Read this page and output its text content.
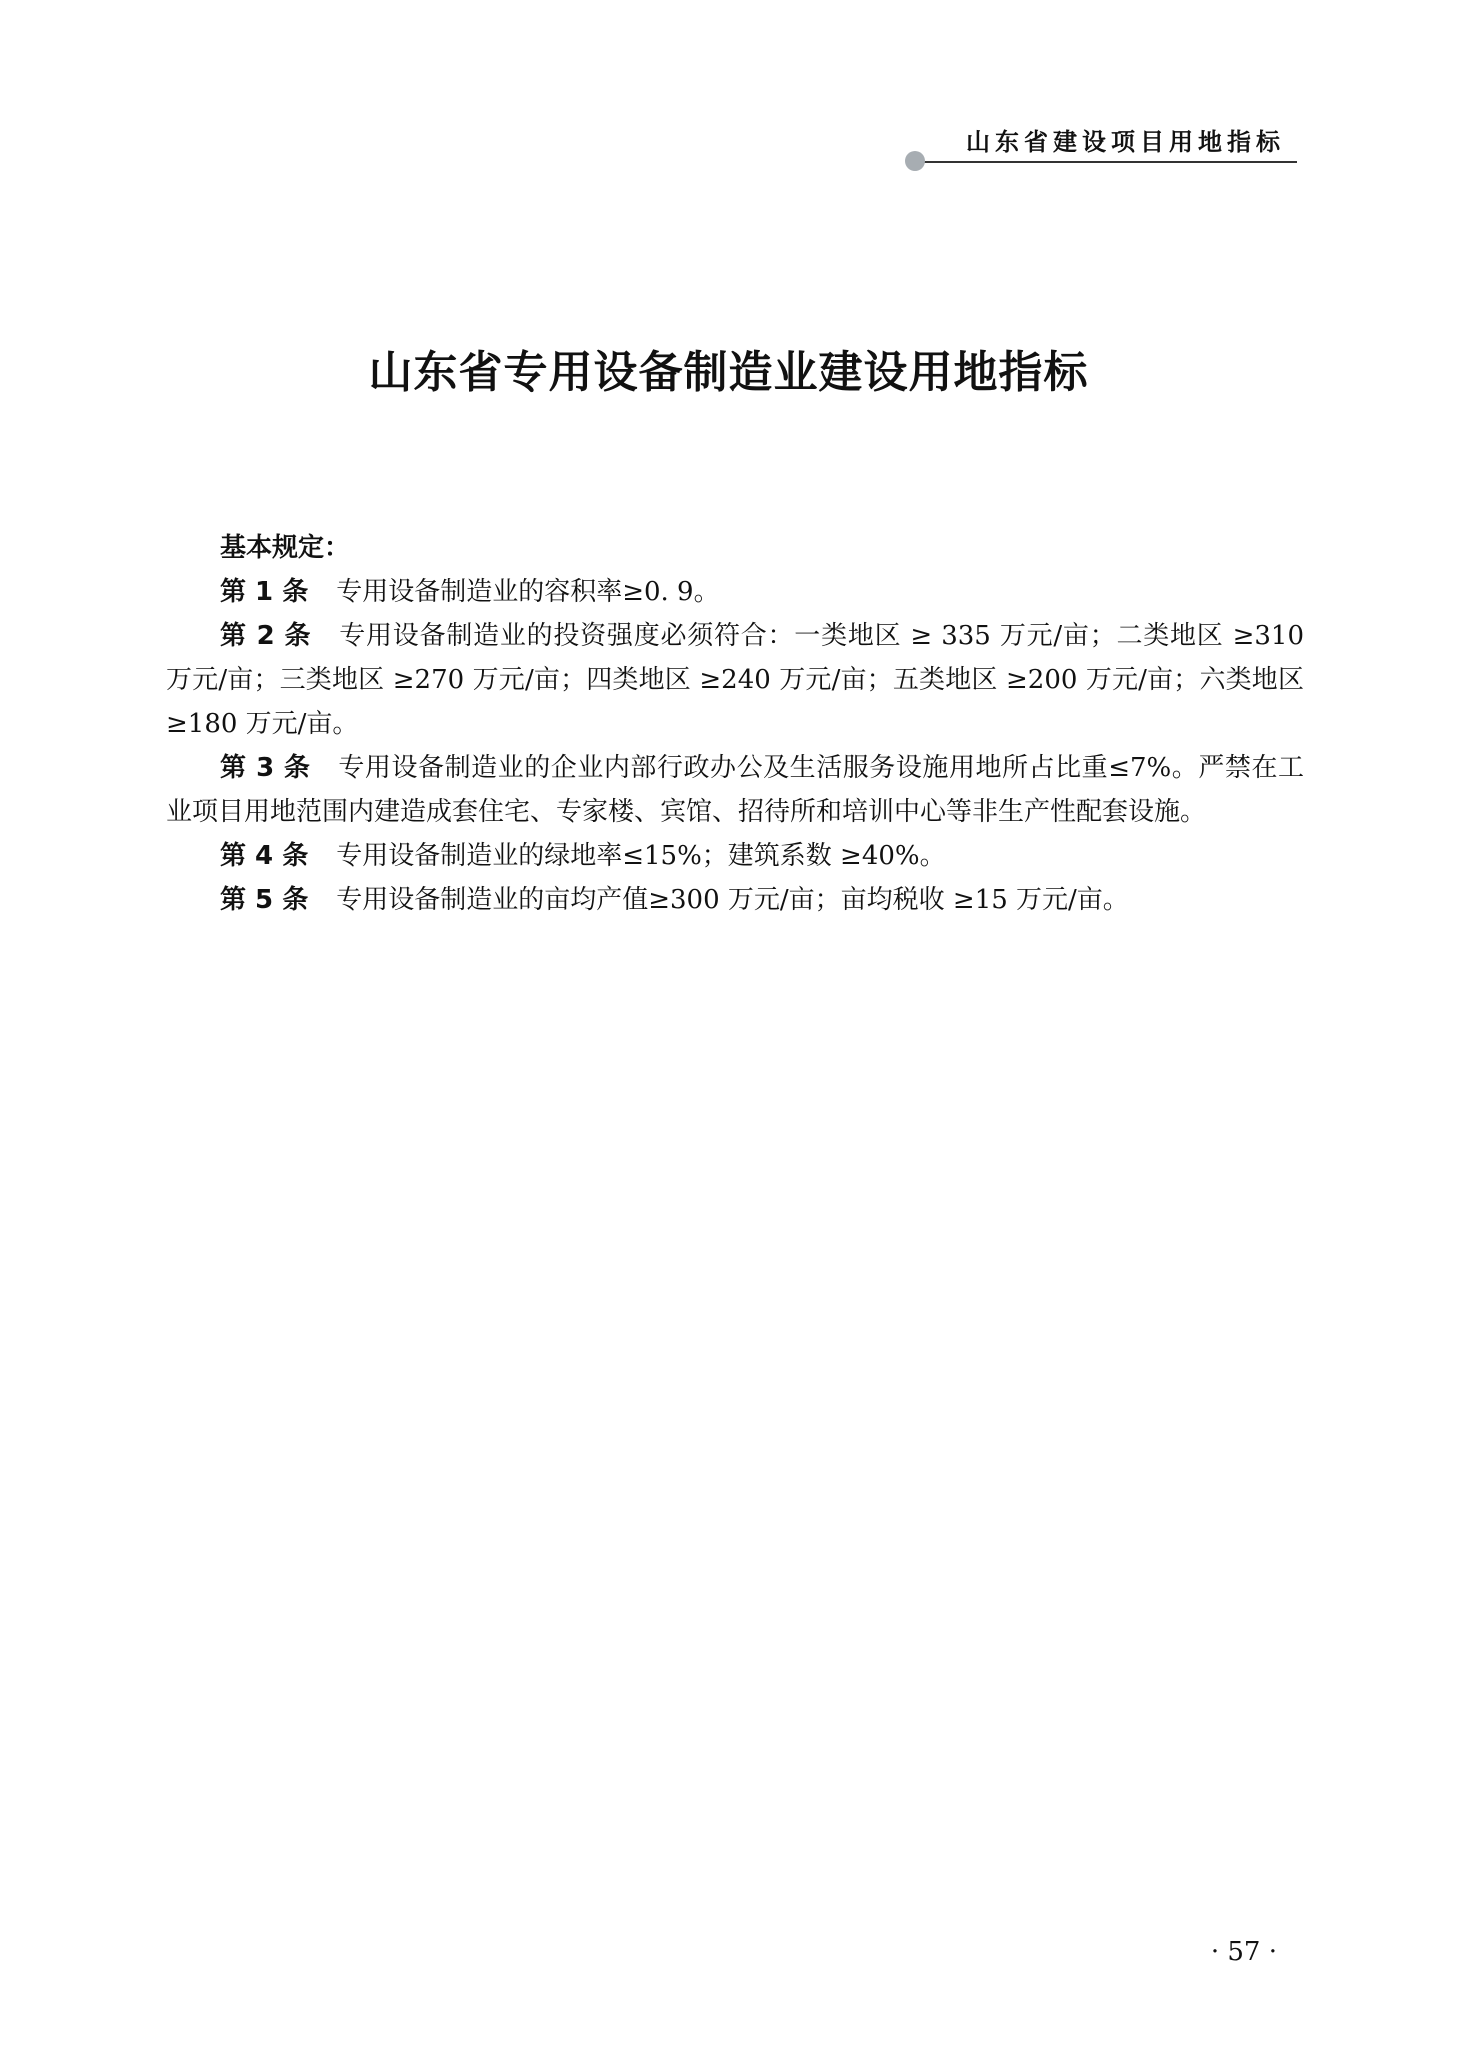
山东省建设项目用地指标
山东省专用设备制造业建设用地指标

基本规定：

第 1 条 专用设备制造业的容积率≥0. 9。

第 2 条 专用设备制造业的投资强度必须符合：一类地区 ≥ 335 万元/亩；二类地区 ≥310 万元/亩；三类地区 ≥270 万元/亩；四类地区 ≥240 万元/亩；五类地区 ≥200 万元/亩；六类地区 ≥180 万元/亩。

第 3 条 专用设备制造业的企业内部行政办公及生活服务设施用地所占比重≤7%。严禁在工业项目用地范围内建造成套住宅、专家楼、宾馆、招待所和培训中心等非生产性配套设施。

第 4 条 专用设备制造业的绿地率≤15%；建筑系数 ≥40%。

第 5 条 专用设备制造业的亩均产值≥300 万元/亩；亩均税收 ≥15 万元/亩。

· 57 ·
